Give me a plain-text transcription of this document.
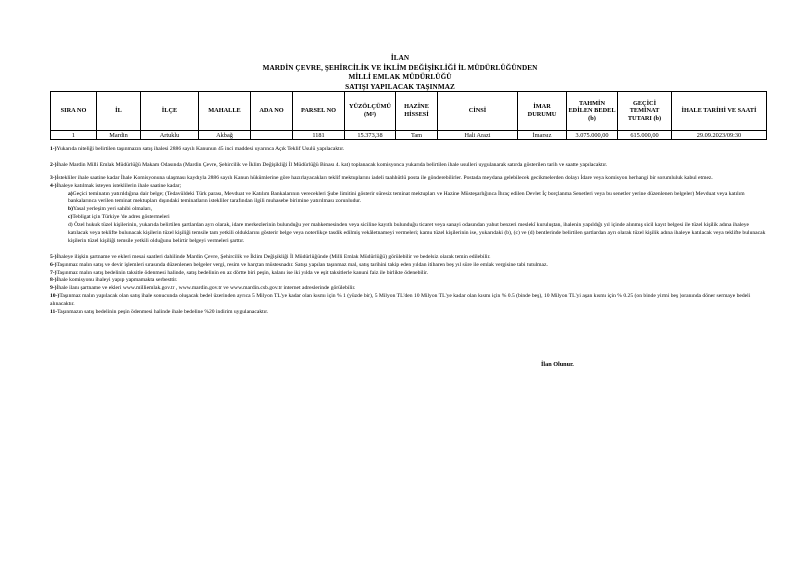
İLAN
MARDİN ÇEVRE, ŞEHİRCİLİK VE İKLİM DEĞİŞİKLİĞİ İL MÜDÜRLÜĞÜNDEN
MİLLİ EMLAK MÜDÜRLÜĞÜ
SATIŞI YAPILACAK TAŞINMAZ
SIRA NO	İL	İLÇE	MAHALLE	ADA NO	PARSEL NO	YÜZÖLÇÜMÜ (M²)	HAZİNE HİSSESİ	CİNSİ	İMAR DURUMU	TAHMİN EDİLEN BEDEL (b)	GEÇİCİ TEMİNAT TUTARI (b)	İHALE TARİHİ VE SAATİ
1	Mardin	Artuklu	Akbağ		1181	15.373,38	Tam	Hali Arazi	İmarsız	3.075.000,00	615.000,00	29.09.2023/09:30

1-)Yukarıda niteliği belirtilen taşınmazın satış ihalesi 2886 sayılı Kanunun 45 inci maddesi uyarınca Açık Teklif Usulü yapılacaktır.

2-)İhale Mardin Milli Emlak Müdürlüğü Makam Odasında (Mardin Çevre, Şehircilik ve İklim Değişikliği İl Müdürlüğü Binası 4. kat) toplanacak komisyonca yukarıda belirtilen ihale usulleri uygulanarak satırda gösterilen tarih ve saatte yapılacaktır.

3-)İstekliler ihale saatine kadar İhale Komisyonuna ulaşması kaydıyla 2886 sayılı Kanun hükümlerine göre hazırlayacakları teklif mektuplarını iadeli taahhütlü posta ile gönderebilirler. Postada meydana gelebilecek gecikmelerden dolayı İdare veya komisyon herhangi bir sorumluluk kabul etmez.

4-)İhaleye katılmak isteyen isteklilerin ihale saatine kadar;

a)Geçici teminatın yatırıldığına dair belge; (Tedavüldeki Türk parası, Mevduat ve Katılım Bankalarının verecekleri Şube limitini gösterir süresiz teminat mektupları ve Hazine Müsteşarlığınca İhraç edilen Devlet İç borçlanma Senetleri veya bu senetler yerine düzenlenen belgeler) Mevduat veya katılım bankalarınca verilen teminat mektupları dışındaki teminatların istekliler tarafından ilgili muhasebe birimine yatırılması zorunludur.

b)Yasal yerleşim yeri sahibi olmaları,

c)Tebligat için Türkiye 'de adres göstermeleri

d) Özel hukuk tüzel kişilerinin, yukarıda belirtilen şartlardan ayrı olarak, idare merkezlerinin bulunduğu yer mahkemesinden veya siciline kayıtlı bulunduğu ticaret veya sanayi odasından yahut benzeri meslekî kuruluştan, ihalenin yapıldığı yıl içinde alınmış sicil kayıt belgesi ile tüzel kişilik adına ihaleye katılacak veya teklifte bulunacak kişilerin tüzel kişiliği temsile tam yetkili olduklarını gösterir belge veya noterlikçe tasdik edilmiş vekâletnameyi vermeleri; kamu tüzel kişilerinin ise, yukarıdaki (b), (c) ve (d) bentlerinde belirtilen şartlardan ayrı olarak tüzel kişilik adına ihaleye katılacak veya teklifte bulunacak kişilerin tüzel kişiliği temsile yetkili olduğunu belirtir belgeyi vermeleri şarttır.

5-)İhaleye ilişkin şartname ve ekleri mesai saatleri dahilinde Mardin Çevre, Şehircilik ve İklim Değişikliği İl Müdürlüğünde (Milli Emlak Müdürlüğü) görülebilir ve bedelsiz olarak temin edilebilir.

6-)Taşınmaz malın satış ve devir işlemleri sırasında düzenlenen belgeler vergi, resim ve harçtan müstesnadır. Satışı yapılan taşınmaz mal, satış tarihini takip eden yıldan itibaren beş yıl süre ile emlak vergisine tabi tutulmaz.

7-)Taşınmaz malın satış bedelinin taksitle ödenmesi halinde, satış bedelinin en az dörtte biri peşin, kalanı ise iki yılda ve eşit taksitlerle kanuni faiz ile birlikte ödenebilir.

8-)İhale komisyonu ihaleyi yapıp yapmamakta serbesttir.

9-)İhale ilanı şartname ve ekleri www.milliemlak.gov.tr , www.mardin.gov.tr ve www.mardin.csb.gov.tr internet adreslerinde görülebilir.

10-)Taşınmaz malın yapılacak olan satış ihale sonucunda oluşacak bedel üzerinden ayrıca 5 Milyon TL'ye kadar olan kısmı için % 1 (yüzde bir), 5 Milyon TL'den 10 Milyon TL'ye kadar olan kısmı için % 0.5 (binde beş), 10 Milyon TL'yi aşan kısmı için % 0.25 (on binde yirmi beş )oranında döner sermaye bedeli alınacaktır.

11-Taşınmazın satış bedelinin peşin ödenmesi halinde ihale bedeline %20 indirim uygulanacaktır.

İlan Olunur.
